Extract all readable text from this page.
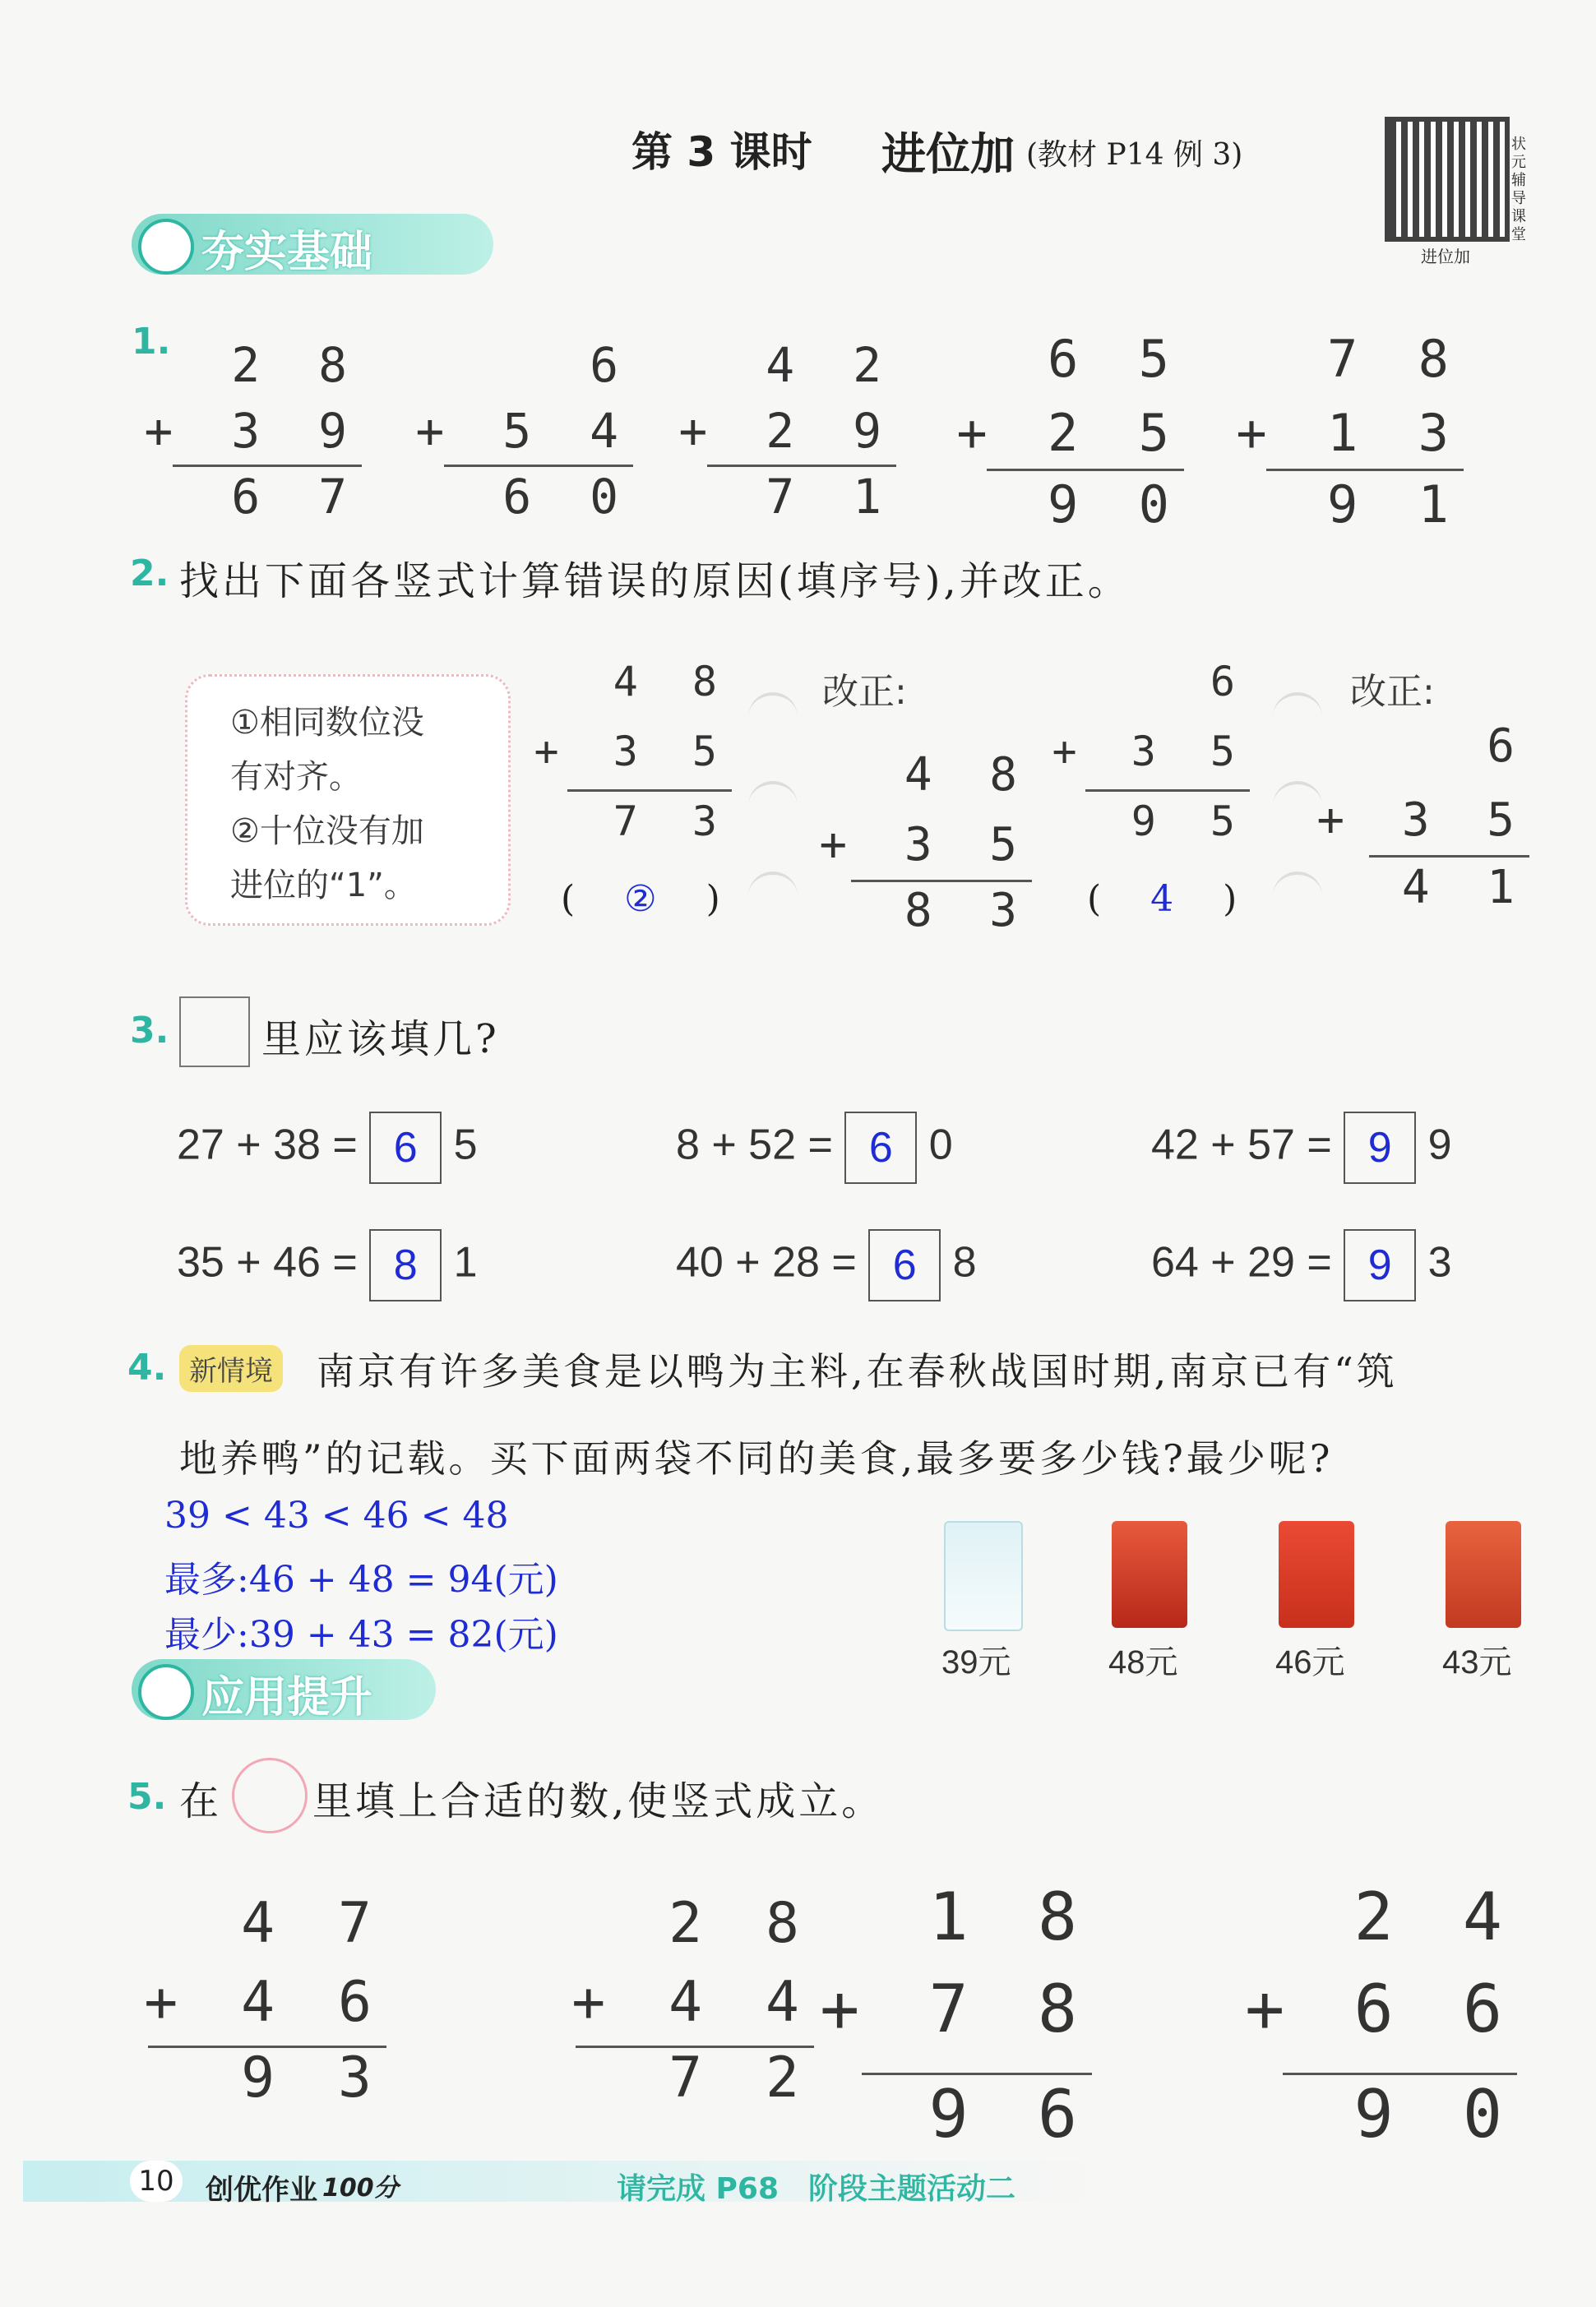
第 3 课时 进位加 (教材 P14 例 3)
进位加
状元辅导课堂
夯实基础
1. 2 8
+ 3 9
6 7
6
+ 5 4
6 0
4 2
+ 2 9
7 1
6 5
+ 2 5
9 0
7 8
+ 1 3
9 1
2. 找出下面各竖式计算错误的原因(填序号),并改正。
①相同数位没
有对齐。
②十位没有加
进位的“1”。
4 8
+ 3 5
7 3
( ② )
改正:
4 8
+ 3 5
8 3
6
+ 3 5
9 5
( 4 )
改正:
6
+ 3 5
4 1
3. 里应该填几?
27 + 38 = 6 5	8 + 52 = 6 0	42 + 57 = 9 9
35 + 46 = 8 1	40 + 28 = 6 8	64 + 29 = 9 3
4. 新情境 南京有许多美食是以鸭为主料,在春秋战国时期,南京已有“筑
地养鸭”的记载。买下面两袋不同的美食,最多要多少钱?最少呢?
39 < 43 < 46 < 48
最多:46 + 48 = 94(元)
最少:39 + 43 = 82(元)
39元	48元	46元	43元
应用提升
5. 在 里填上合适的数,使竖式成立。
4 7
+ 4 6
9 3
2 8
+ 4 4
7 2
1 8
+ 7 8
9 6
2 4
+ 6 6
9 0
10	创优作业 100分	请完成 P68　阶段主题活动二
